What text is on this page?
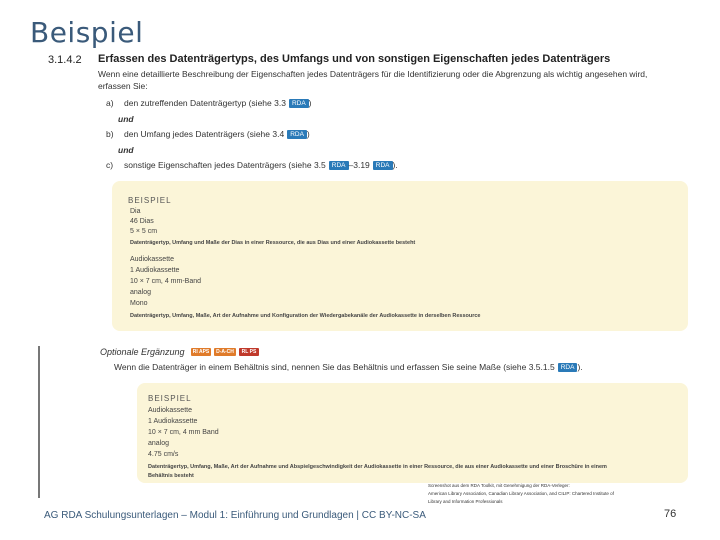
Beispiel
3.1.4.2 Erfassen des Datenträgertyps, des Umfangs und von sonstigen Eigenschaften jedes Datenträgers
Wenn eine detaillierte Beschreibung der Eigenschaften jedes Datenträgers für die Identifizierung oder die Abgrenzung als wichtig angesehen wird, erfassen Sie:
a)	den zutreffenden Datenträgertyp (siehe 3.3 RDA )
und
b)	den Umfang jedes Datenträgers (siehe 3.4 RDA )
und
c)	sonstige Eigenschaften jedes Datenträgers (siehe 3.5 RDA –3.19 RDA ).
BEISPIEL
Dia
46 Dias
5 × 5 cm
Datenträgertyp, Umfang und Maße der Dias in einer Ressource, die aus Dias und einer Audiokassette besteht
Audiokassette
1 Audiokassette
10 × 7 cm, 4 mm-Band
analog
Mono
Datenträgertyp, Umfang, Maße, Art der Aufnahme und Konfiguration der Wiedergabekanäle der Audiokassette in derselben Ressource
Optionale Ergänzung	RI APS	D-A-CH	RL PS
Wenn die Datenträger in einem Behältnis sind, nennen Sie das Behältnis und erfassen Sie seine Maße (siehe 3.5.1.5 RDA ).
BEISPIEL
Audiokassette
1 Audiokassette
10 × 7 cm, 4 mm Band
analog
4.75 cm/s
Datenträgertyp, Umfang, Maße, Art der Aufnahme und Abspielgeschwindigkeit der Audiokassette in einer Ressource, die aus einer Audiokassette und einer Broschüre in einem
Behältnis besteht
Screenshot aus dem RDA Toolkit, mit Genehmigung der RDA-Verleger:
American Library Association, Canadian Library Association, and CILIP: Chartered Institute of
Library and Information Professionals
AG RDA Schulungsunterlagen – Modul 1: Einführung und Grundlagen | CC BY-NC-SA	76
